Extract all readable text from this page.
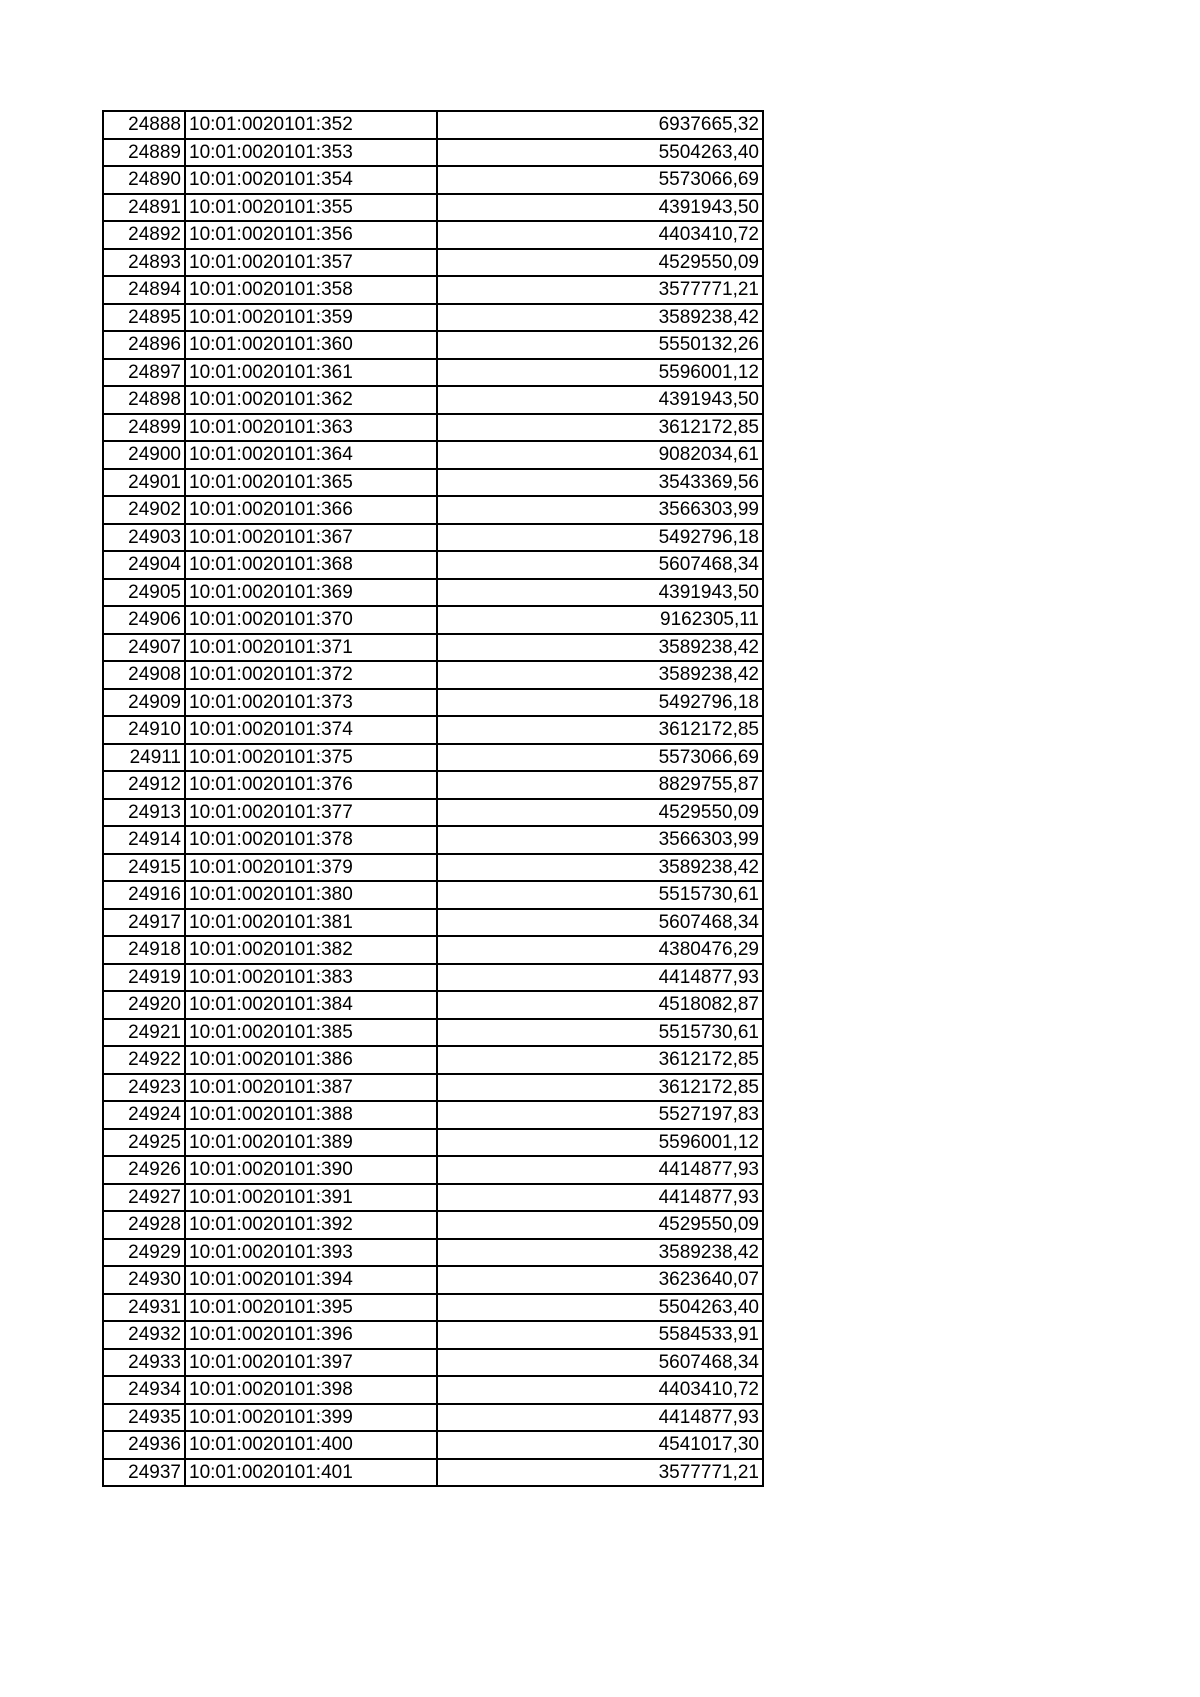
24888	10:01:0020101:352	6937665,32
24889	10:01:0020101:353	5504263,40
24890	10:01:0020101:354	5573066,69
24891	10:01:0020101:355	4391943,50
24892	10:01:0020101:356	4403410,72
24893	10:01:0020101:357	4529550,09
24894	10:01:0020101:358	3577771,21
24895	10:01:0020101:359	3589238,42
24896	10:01:0020101:360	5550132,26
24897	10:01:0020101:361	5596001,12
24898	10:01:0020101:362	4391943,50
24899	10:01:0020101:363	3612172,85
24900	10:01:0020101:364	9082034,61
24901	10:01:0020101:365	3543369,56
24902	10:01:0020101:366	3566303,99
24903	10:01:0020101:367	5492796,18
24904	10:01:0020101:368	5607468,34
24905	10:01:0020101:369	4391943,50
24906	10:01:0020101:370	9162305,11
24907	10:01:0020101:371	3589238,42
24908	10:01:0020101:372	3589238,42
24909	10:01:0020101:373	5492796,18
24910	10:01:0020101:374	3612172,85
24911	10:01:0020101:375	5573066,69
24912	10:01:0020101:376	8829755,87
24913	10:01:0020101:377	4529550,09
24914	10:01:0020101:378	3566303,99
24915	10:01:0020101:379	3589238,42
24916	10:01:0020101:380	5515730,61
24917	10:01:0020101:381	5607468,34
24918	10:01:0020101:382	4380476,29
24919	10:01:0020101:383	4414877,93
24920	10:01:0020101:384	4518082,87
24921	10:01:0020101:385	5515730,61
24922	10:01:0020101:386	3612172,85
24923	10:01:0020101:387	3612172,85
24924	10:01:0020101:388	5527197,83
24925	10:01:0020101:389	5596001,12
24926	10:01:0020101:390	4414877,93
24927	10:01:0020101:391	4414877,93
24928	10:01:0020101:392	4529550,09
24929	10:01:0020101:393	3589238,42
24930	10:01:0020101:394	3623640,07
24931	10:01:0020101:395	5504263,40
24932	10:01:0020101:396	5584533,91
24933	10:01:0020101:397	5607468,34
24934	10:01:0020101:398	4403410,72
24935	10:01:0020101:399	4414877,93
24936	10:01:0020101:400	4541017,30
24937	10:01:0020101:401	3577771,21
